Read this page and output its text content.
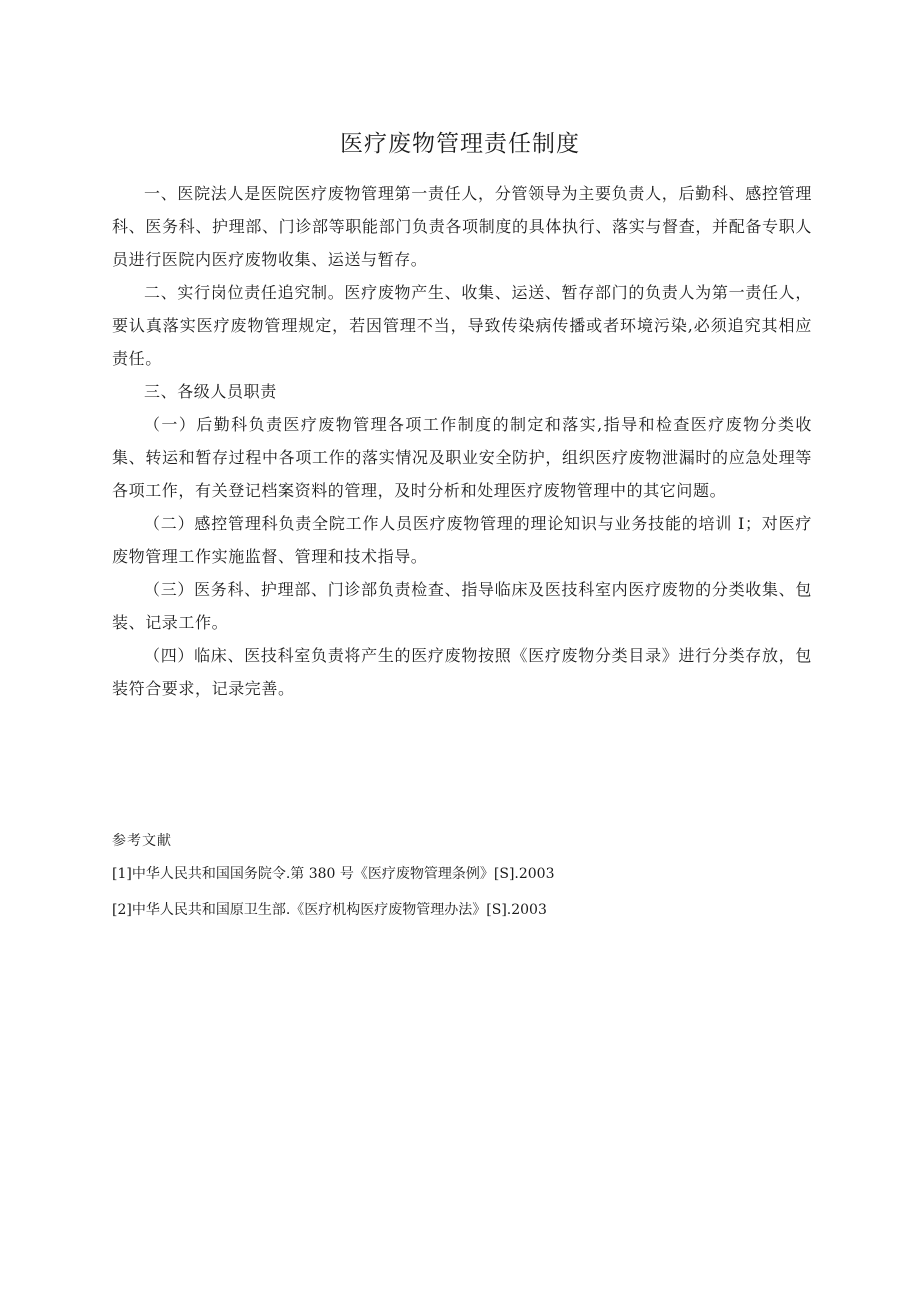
医疗废物管理责任制度

一、医院法人是医院医疗废物管理第一责任人，分管领导为主要负责人，后勤科、感控管理科、医务科、护理部、门诊部等职能部门负责各项制度的具体执行、落实与督查，并配备专职人员进行医院内医疗废物收集、运送与暂存。

二、实行岗位责任追究制。医疗废物产生、收集、运送、暂存部门的负责人为第一责任人，要认真落实医疗废物管理规定，若因管理不当，导致传染病传播或者环境污染,必须追究其相应责任。

三、各级人员职责

（一）后勤科负责医疗废物管理各项工作制度的制定和落实,指导和检查医疗废物分类收集、转运和暂存过程中各项工作的落实情况及职业安全防护，组织医疗废物泄漏时的应急处理等各项工作，有关登记档案资料的管理，及时分析和处理医疗废物管理中的其它问题。

（二）感控管理科负责全院工作人员医疗废物管理的理论知识与业务技能的培训 I；对医疗废物管理工作实施监督、管理和技术指导。

（三）医务科、护理部、门诊部负责检查、指导临床及医技科室内医疗废物的分类收集、包装、记录工作。

（四）临床、医技科室负责将产生的医疗废物按照《医疗废物分类目录》进行分类存放，包装符合要求，记录完善。

参考文献
[1]中华人民共和国国务院令.第 380 号《医疗废物管理条例》[S].2003
[2]中华人民共和国原卫生部.《医疗机构医疗废物管理办法》[S].2003
